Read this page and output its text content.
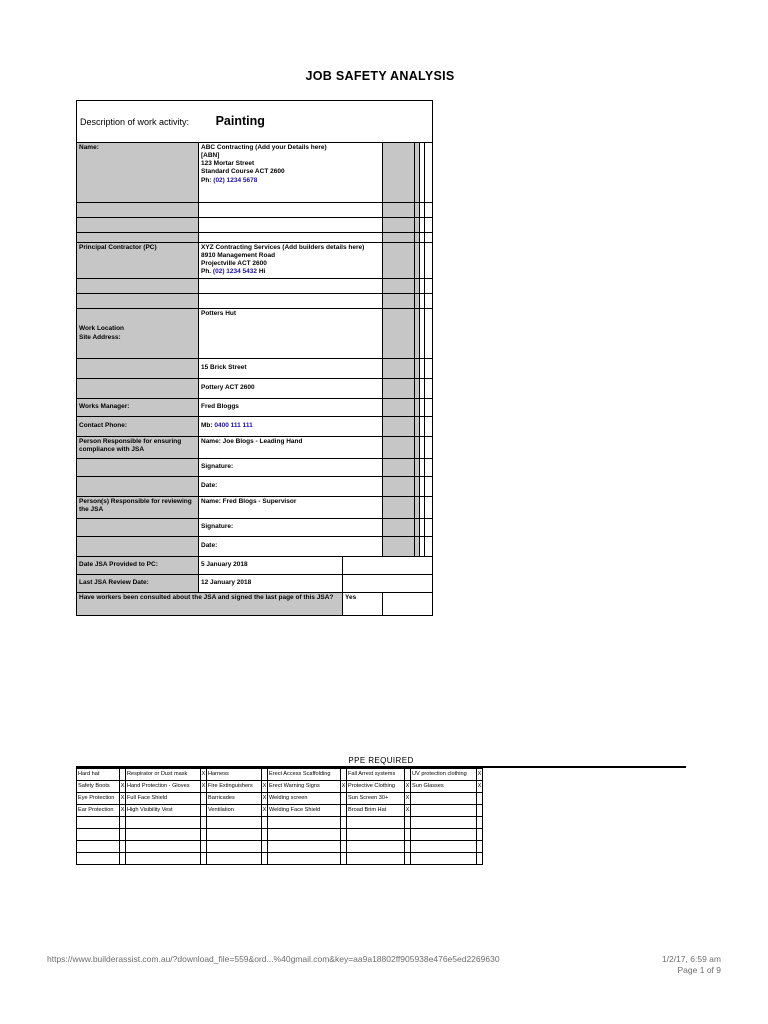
JOB SAFETY ANALYSIS
Description of work activity: Painting						
Name:	ABC Contracting (Add your Details here)
[ABN]
123 Mortar Street
Standard Course ACT 2600
Ph: (02) 1234 5678					

Principal Contractor (PC)	XYZ Contracting Services (Add builders details here)
8910 Management Road
Projectville ACT 2600
Ph. (02) 1234 5432 Hi					

Work Location
Site Address:	Potters Hut					
	15 Brick Street					
	Pottery ACT 2600					
Works Manager:	Fred Bloggs					
Contact Phone:	Mb: 0400 111 111					
Person Responsible for ensuring compliance with JSA	Name: Joe Blogs - Leading Hand					
	Signature:					
	Date:					
Person(s) Responsible for reviewing the JSA	Name: Fred Blogs - Supervisor					
	Signature:					
	Date:					
Date JSA Provided to PC:	5 January 2018					
Last JSA Review Date:	12 January 2018					
Have workers been consulted about the JSA and signed the last page of this JSA?		Yes				
PPE REQUIRED
Hard hat		Respirator or Dust mask	X	Harness		Erect Access Scaffolding		Fall Arrest systems		UV protection clothing	X
Safety Boots	X	Hand Protection - Gloves	X	Fire Extinguishers	X	Erect Warning Signs	X	Protective Clothing	X	Sun Glasses	X
Eye Protection	X	Full Face Shield		Barricades	X	Welding screen		Sun Screen 30+	X		
Ear Protection	X	High Visibility Vest		Ventilation	X	Welding Face Shield		Broad Brim Hat	X		

https://www.builderassist.com.au/?download_file=559&ord...%40gmail.com&key=aa9a18802ff905938e476e5ed2269630	1/2/17, 6:59 am
Page 1 of 9
